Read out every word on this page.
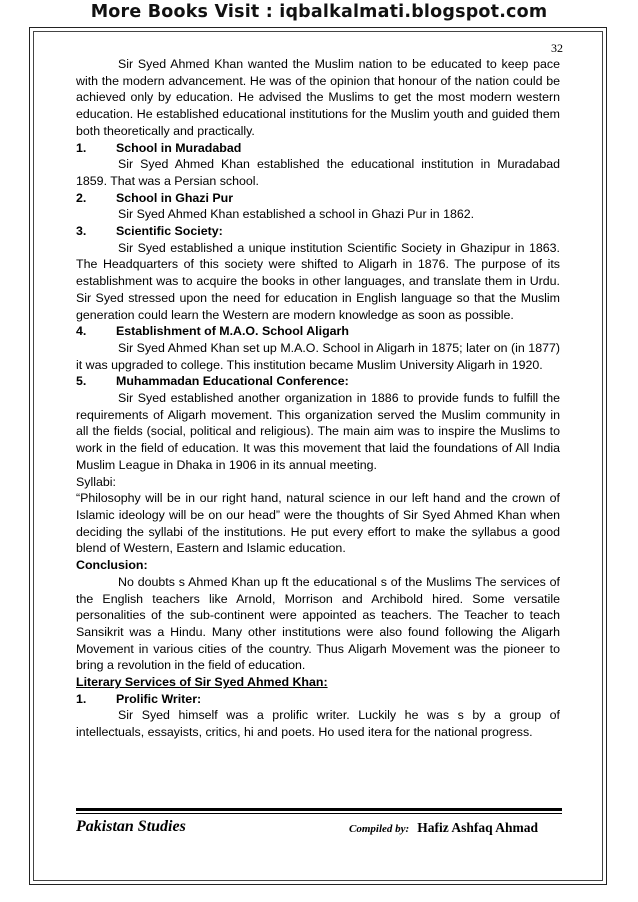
More Books Visit : iqbalkalmati.blogspot.com
32

Sir Syed Ahmed Khan wanted the Muslim nation to be educated to keep pace with the modern advancement. He was of the opinion that honour of the nation could be achieved only by education. He advised the Muslims to get the most modern western education. He established educational institutions for the Muslim youth and guided them both theoretically and practically.

1.	School in Muradabad

Sir Syed Ahmed Khan established the educational institution in Muradabad 1859. That was a Persian school.

2.	School in Ghazi Pur

Sir Syed Ahmed Khan established a school in Ghazi Pur in 1862.

3.	Scientific Society:

Sir Syed established a unique institution Scientific Society in Ghazipur in 1863. The Headquarters of this society were shifted to Aligarh in 1876. The purpose of its establishment was to acquire the books in other languages, and translate them in Urdu. Sir Syed stressed upon the need for education in English language so that the Muslim generation could learn the Western are modern knowledge as soon as possible.

4.	Establishment of M.A.O. School Aligarh

Sir Syed Ahmed Khan set up M.A.O. School in Aligarh in 1875; later on (in 1877) it was upgraded to college. This institution became Muslim University Aligarh in 1920.

5.	Muhammadan Educational Conference:

Sir Syed established another organization in 1886 to provide funds to fulfill the requirements of Aligarh movement. This organization served the Muslim community in all the fields (social, political and religious). The main aim was to inspire the Muslims to work in the field of education. It was this movement that laid the foundations of All India Muslim League in Dhaka in 1906 in its annual meeting.

Syllabi:

“Philosophy will be in our right hand, natural science in our left hand and the crown of Islamic ideology will be on our head” were the thoughts of Sir Syed Ahmed Khan when deciding the syllabi of the institutions. He put every effort to make the syllabus a good blend of Western, Eastern and Islamic education.

Conclusion:

No doubts s Ahmed Khan up ft the educational s of the Muslims The services of the English teachers like Arnold, Morrison and Archibold hired. Some versatile personalities of the sub-continent were appointed as teachers. The Teacher to teach Sansikrit was a Hindu. Many other institutions were also found following the Aligarh Movement in various cities of the country. Thus Aligarh Movement was the pioneer to bring a revolution in the field of education.

Literary Services of Sir Syed Ahmed Khan:

1.	Prolific Writer:

Sir Syed himself was a prolific writer. Luckily he was s by a group of intellectuals, essayists, critics, hi and poets. Ho used itera for the national progress.

Pakistan Studies	Compiled by: Hafiz Ashfaq Ahmad
